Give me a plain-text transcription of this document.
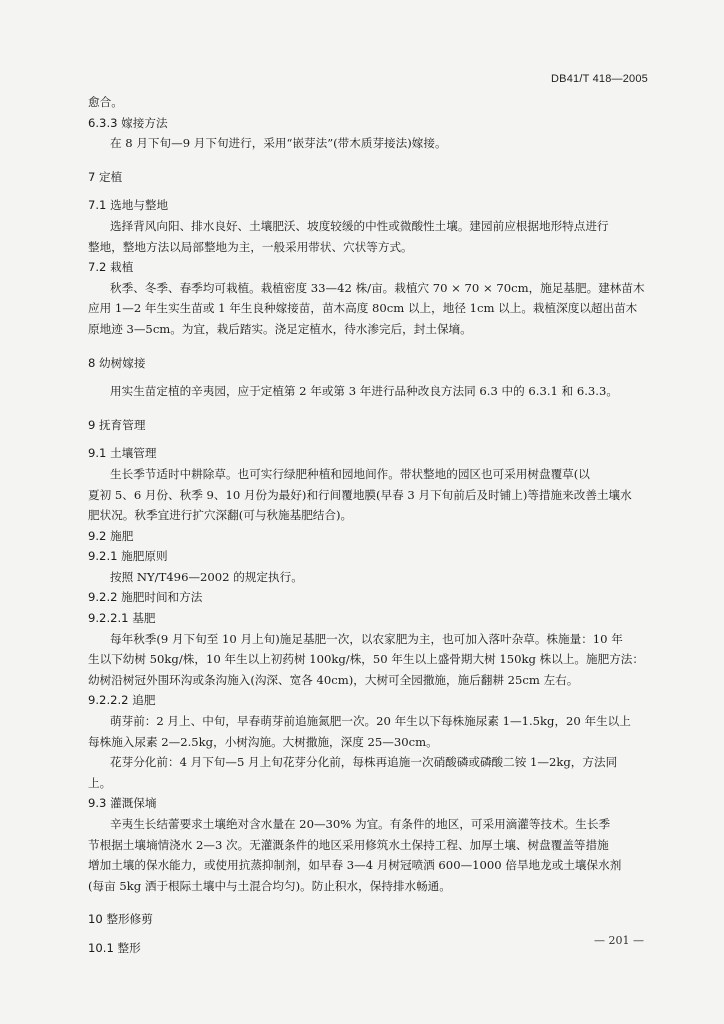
DB41/T 418—2005
愈合。
6.3.3 嫁接方法
在 8 月下旬—9 月下旬进行，采用“嵌芽法”(带木质芽接法)嫁接。
7 定植
7.1 选地与整地
选择背风向阳、排水良好、土壤肥沃、坡度较缓的中性或微酸性土壤。建园前应根据地形特点进行
整地，整地方法以局部整地为主，一般采用带状、穴状等方式。
7.2 栽植
秋季、冬季、春季均可栽植。栽植密度 33—42 株/亩。栽植穴 70 × 70 × 70cm，施足基肥。建林苗木
应用 1—2 年生实生苗或 1 年生良种嫁接苗，苗木高度 80cm 以上，地径 1cm 以上。栽植深度以超出苗木
原地迹 3—5cm。为宜，栽后踏实。浇足定植水，待水渗完后，封土保墒。
8 幼树嫁接
用实生苗定植的辛夷园，应于定植第 2 年或第 3 年进行品种改良方法同 6.3 中的 6.3.1 和 6.3.3。
9 抚育管理
9.1 土壤管理
生长季节适时中耕除草。也可实行绿肥种植和园地间作。带状整地的园区也可采用树盘覆草(以
夏初 5、6 月份、秋季 9、10 月份为最好)和行间覆地膜(早春 3 月下旬前后及时铺上)等措施来改善土壤水
肥状况。秋季宜进行扩穴深翻(可与秋施基肥结合)。
9.2 施肥
9.2.1 施肥原则
按照 NY/T496—2002 的规定执行。
9.2.2 施肥时间和方法
9.2.2.1 基肥
每年秋季(9 月下旬至 10 月上旬)施足基肥一次，以农家肥为主，也可加入落叶杂草。株施量：10 年
生以下幼树 50kg/株，10 年生以上初药树 100kg/株，50 年生以上盛骨期大树 150kg 株以上。施肥方法：
幼树沿树冠外围环沟或条沟施入(沟深、宽各 40cm)，大树可全园撒施，施后翻耕 25cm 左右。
9.2.2.2 追肥
萌芽前：2 月上、中旬，早春萌芽前追施氮肥一次。20 年生以下每株施尿素 1—1.5kg，20 年生以上
每株施入尿素 2—2.5kg，小树沟施。大树撒施，深度 25—30cm。
花芽分化前：4 月下旬—5 月上旬花芽分化前，每株再追施一次硝酸磷或磷酸二铵 1—2kg，方法同
上。
9.3 灌溉保墒
辛夷生长结蕾要求土壤绝对含水量在 20—30% 为宜。有条件的地区，可采用滴灌等技术。生长季
节根据土壤墒情浇水 2—3 次。无灌溉条件的地区采用修筑水土保持工程、加厚土壤、树盘覆盖等措施
增加土壤的保水能力，或使用抗蒸抑制剂，如早春 3—4 月树冠喷洒 600—1000 倍旱地龙或土壤保水剂
(每亩 5kg 洒于根际土壤中与土混合均匀)。防止积水，保持排水畅通。
10 整形修剪
10.1 整形
— 201 —
